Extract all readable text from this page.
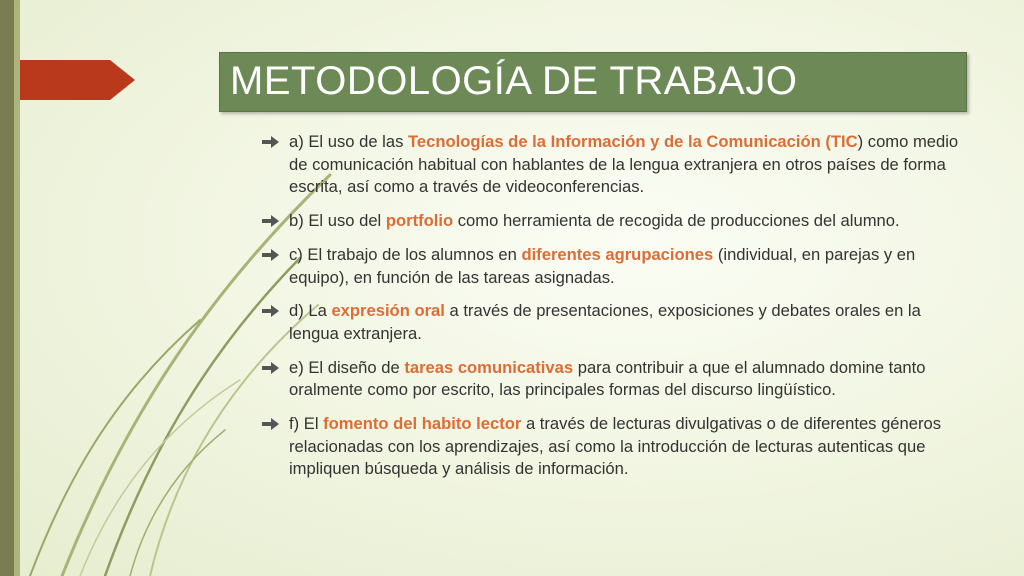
METODOLOGÍA DE TRABAJO
a) El uso de las Tecnologías de la Información y de la Comunicación (TIC) como medio de comunicación habitual con hablantes de la lengua extranjera en otros países de forma escrita, así como a través de videoconferencias.
b) El uso del portfolio como herramienta de recogida de producciones del alumno.
c) El trabajo de los alumnos en diferentes agrupaciones (individual, en parejas y en equipo), en función de las tareas asignadas.
d) La expresión oral a través de presentaciones, exposiciones y debates orales en la lengua extranjera.
e) El diseño de tareas comunicativas para contribuir a que el alumnado domine tanto oralmente como por escrito, las principales formas del discurso lingüístico.
f) El fomento del habito lector a través de lecturas divulgativas o de diferentes géneros relacionadas con los aprendizajes, así como la introducción de lecturas autenticas que impliquen búsqueda y análisis de información.
